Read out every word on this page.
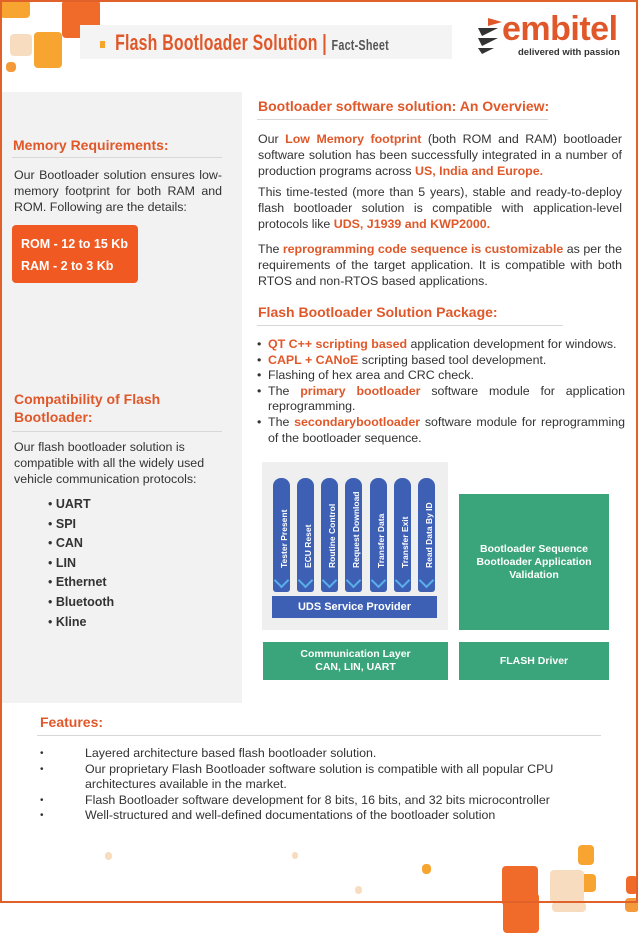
Flash Bootloader Solution | Fact-Sheet	embitel
delivered with passion
Memory Requirements:

Our Bootloader solution ensures low-memory footprint for both RAM and ROM. Following are the details:

ROM - 12 to 15 Kb
RAM - 2 to 3 Kb
Compatibility of Flash Bootloader:

Our flash bootloader solution is compatible with all the widely used vehicle communication protocols:

• UART
• SPI
• CAN
• LIN
• Ethernet
• Bluetooth
• Kline
Bootloader software solution: An Overview:

Our Low Memory footprint (both ROM and RAM) bootloader software solution has been successfully integrated in a number of production programs across US, India and Europe.

This time-tested (more than 5 years), stable and ready-to-deploy flash bootloader solution is compatible with application-level protocols like UDS, J1939 and KWP2000.

The reprogramming code sequence is customizable as per the requirements of the target application. It is compatible with both RTOS and non-RTOS based applications.

Flash Bootloader Solution Package:
• QT C++ scripting based application development for windows.
• CAPL + CANoE scripting based tool development.
• Flashing of hex area and CRC check.
• The primary bootloader software module for application reprogramming.
• The secondarybootloader software module for reprogramming of the bootloader sequence.
Tester Present ECU Reset Routine Control Request Download Transfer Data Transfer Exit Read Data By ID
UDS Service Provider
Bootloader Sequence
Bootloader Application
Validation
Communication Layer
CAN, LIN, UART
FLASH Driver
Features:
• Layered architecture based flash bootloader solution.
• Our proprietary Flash Bootloader software solution is compatible with all popular CPU architectures available in the market.
• Flash Bootloader software development for 8 bits, 16 bits, and 32 bits microcontroller
• Well-structured and well-defined documentations of the bootloader solution
